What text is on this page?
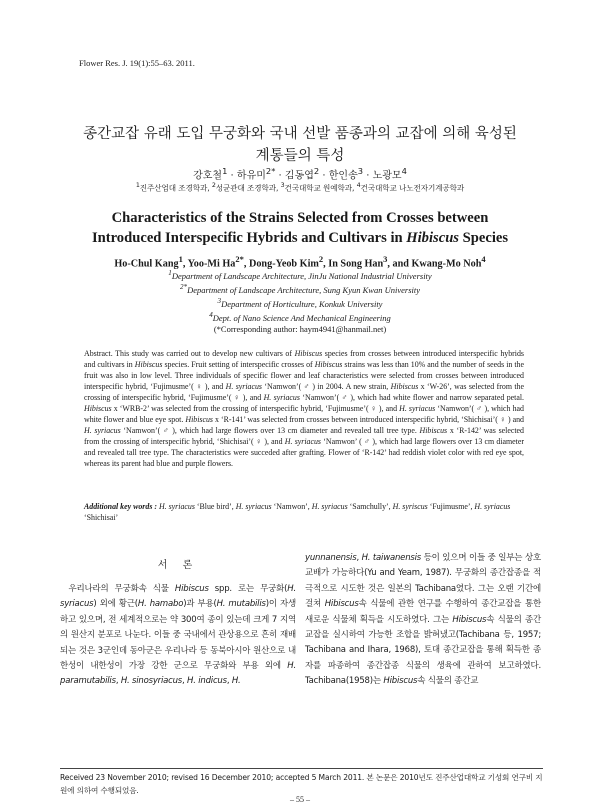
Flower Res. J. 19(1):55–63. 2011.
종간교잡 유래 도입 무궁화와 국내 선발 품종과의 교잡에 의해 육성된
계통들의 특성
강호철$^1$ · 하유미$^{2*}$ · 김동엽$^2$ · 한인송$^3$ · 노광모$^4$
$^1$진주산업대 조경학과, $^2$성균관대 조경학과, $^3$건국대학교 원예학과, $^4$건국대학교 나노전자기계공학과
Characteristics of the Strains Selected from Crosses between
Introduced Interspecific Hybrids and Cultivars in Hibiscus Species
Ho-Chul Kang$^1$, Yoo-Mi $Ha^{2*}$, Dong-Yeob Kim$^2$, In Song Han$^3$, and Kwang-Mo Noh$^4$
$^1$Department of Landscape Architecture, JinJu National Industrial University
$^{2*}$Department of Landscape Architecture, Sung Kyun Kwan University
$^3$Department of Horticulture, Konkuk University
$^4$Dept. of Nano Science And Mechanical Engineering
(*Corresponding author: haym4941@hanmail.net)
Abstract. This study was carried out to develop new cultivars of Hibiscus species from crosses between introduced interspecific hybrids and cultivars in Hibiscus species. Fruit setting of interspecific crosses of Hibiscus strains was less than 10% and the number of seeds in the fruit was also in low level. Three individuals of specific flower and leaf characteristics were selected from crosses between introduced interspecific hybrid, ‘Fujimusme’( ♀ ), and H. syriacus ‘Namwon’( ♂ ) in 2004. A new strain, Hibiscus x ‘W-26’, was selected from the crossing of interspecific hybrid, ‘Fujimusme’( ♀ ), and H. syriacus ‘Namwon’( ♂ ), which had white flower and narrow separated petal. Hibiscus x ‘WRB-2’ was selected from the crossing of interspecific hybrid, ‘Fujimusme’( ♀ ), and H. syriacus ‘Namwon’( ♂ ), which had white flower and blue eye spot. Hibiscus x ‘R-141’ was selected from crosses between introduced interspecific hybrid, ‘Shichisai’( ♀ ) and H. syriacus ‘Namwon’( ♂ ), which had large flowers over 13 cm diameter and revealed tall tree type. Hibiscus x ‘R-142’ was selected from the crossing of interspecific hybrid, ‘Shichisai’( ♀ ), and H. syriacus ‘Namwon’ ( ♂ ), which had large flowers over 13 cm diameter and revealed tall tree type. The characteristics were succeded after grafting. Flower of ‘R-142’ had reddish violet color with red eye spot, whereas its parent had blue and purple flowers.
Additional key words : H. syriacus ‘Blue bird’, H. syriacus ‘Namwon’, H. syriacus ‘Samchully’, H. syriscus ‘Fujimusme’, H. syriacus ‘Shichisai’
서 론

우리나라의 무궁화속 식물 Hibiscus spp. 로는 무궁화(H. syriacus) 외에 황근(H. hamabo)과 부용(H. mutabilis)이 자생하고 있으며, 전 세계적으로는 약 300여 종이 있는데 크게 7 지역의 원산지 분포로 나눈다. 이들 중 국내에서 관상용으로 흔히 재배되는 것은 3군인데 동아군은 우리나라 등 동북아시아 원산으로 내한성이 내한성이 가장 강한 군으로 무궁화와 부용 외에 H. paramutabilis, H. sinosyriacus, H. indicus, H.

yunnanensis, H. taiwanensis 등이 있으며 이들 중 일부는 상호교배가 가능하다(Yu and Yeam, 1987). 무궁화의 종간잡종을 적극적으로 시도한 것은 일본의 Tachibana였다. 그는 오랜 기간에 걸쳐 Hibiscus속 식물에 관한 연구를 수행하여 종간교잡을 통한 새로운 식물체 획득을 시도하였다. 그는 Hibiscus속 식물의 종간교잡을 실시하여 가능한 조합을 밝혀냈고(Tachibana 등, 1957; Tachibana and Ihara, 1968), 토대 종간교잡을 통해 획득한 종자를 파종하여 종간잡종 식물의 생육에 관하여 보고하였다. Tachibana(1958)는 Hibiscus속 식물의 종간교

Received 23 November 2010; revised 16 December 2010; accepted 5 March 2011. 본 논문은 2010년도 진주산업대학교 기성회 연구비 지원에 의하여 수행되었음.
– 55 –
